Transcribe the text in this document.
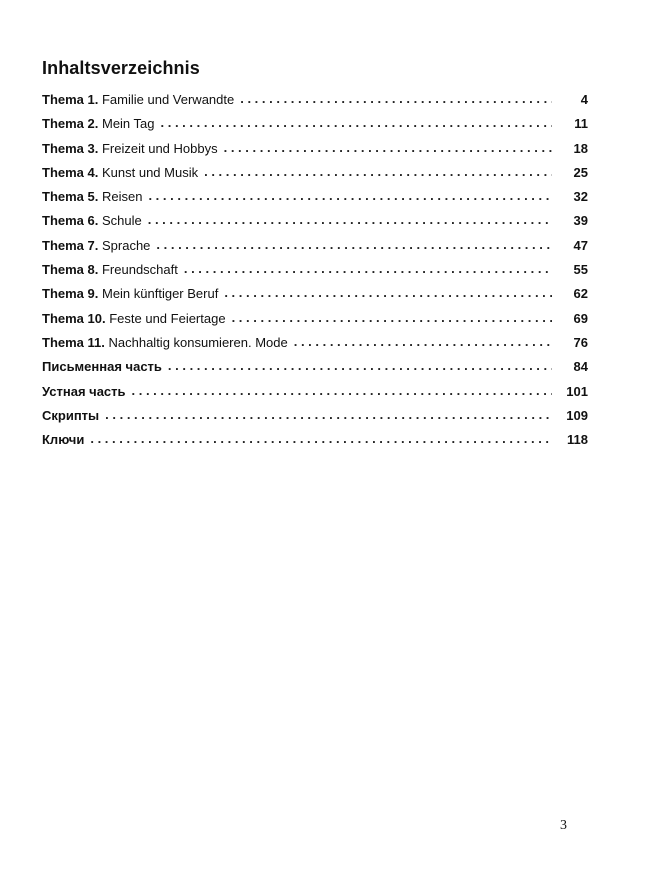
Inhaltsverzeichnis
Thema 1. Familie und Verwandte . . .	4
Thema 2. Mein Tag . . .	11
Thema 3. Freizeit und Hobbys . . .	18
Thema 4. Kunst und Musik . . .	25
Thema 5. Reisen . . .	32
Thema 6. Schule . . .	39
Thema 7. Sprache . . .	47
Thema 8. Freundschaft . . .	55
Thema 9. Mein künftiger Beruf . . .	62
Thema 10. Feste und Feiertage . . .	69
Thema 11. Nachhaltig konsumieren. Mode . . .	76
Письменная часть . . .	84
Устная часть . . .	101
Скрипты . . .	109
Ключи . . .	118
3
